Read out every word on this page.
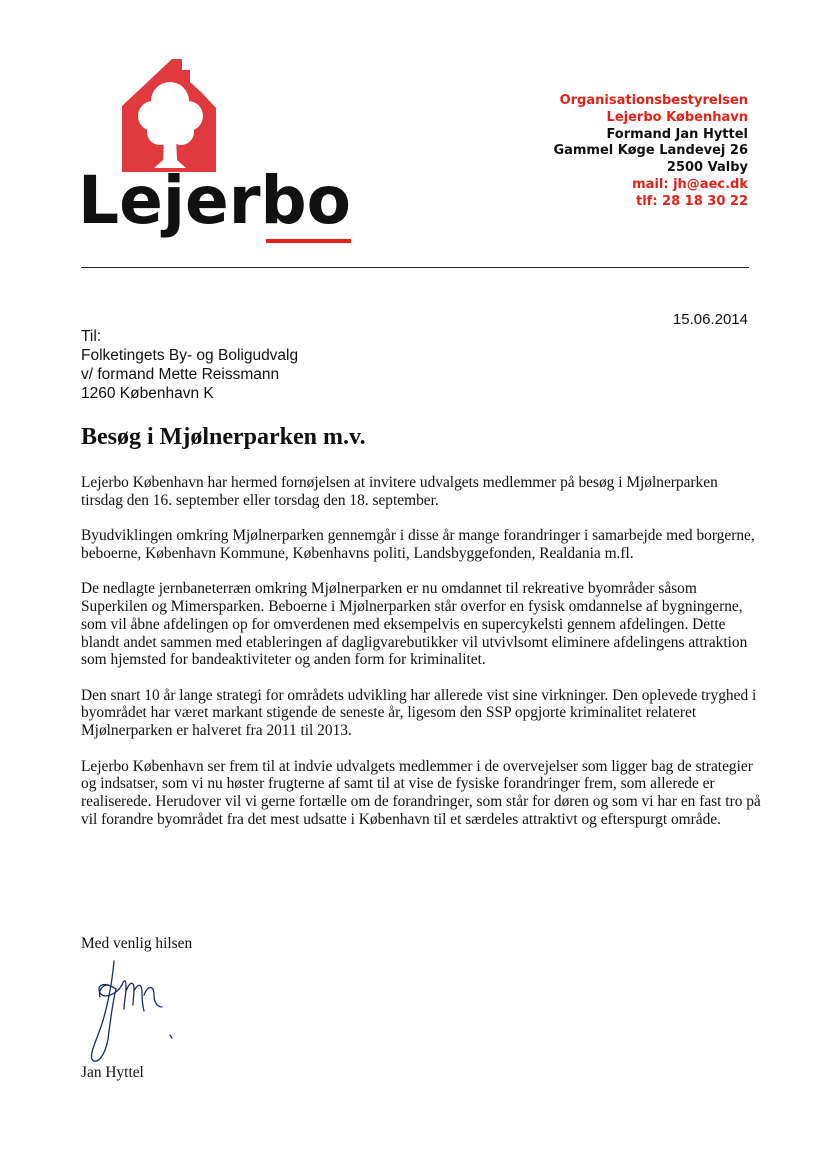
Lejerbo
Organisationsbestyrelsen
Lejerbo København
Formand Jan Hyttel
Gammel Køge Landevej 26
2500 Valby
mail: jh@aec.dk
tlf: 28 18 30 22
15.06.2014
Til:
Folketingets By- og Boligudvalg
v/ formand Mette Reissmann
1260 København K
Besøg i Mjølnerparken m.v.

Lejerbo København har hermed fornøjelsen at invitere udvalgets medlemmer på besøg i Mjølnerparken tirsdag den 16. september eller torsdag den 18. september.

Byudviklingen omkring Mjølnerparken gennemgår i disse år mange forandringer i samarbejde med borgerne, beboerne, København Kommune, Københavns politi, Landsbyggefonden, Realdania m.fl.

De nedlagte jernbaneterræn omkring Mjølnerparken er nu omdannet til rekreative byområder såsom Superkilen og Mimersparken. Beboerne i Mjølnerparken står overfor en fysisk omdannelse af bygningerne, som vil åbne afdelingen op for omverdenen med eksempelvis en supercykelsti gennem afdelingen. Dette blandt andet sammen med etableringen af dagligvarebutikker vil utvivlsomt eliminere afdelingens attraktion som hjemsted for bandeaktiviteter og anden form for kriminalitet.

Den snart 10 år lange strategi for områdets udvikling har allerede vist sine virkninger. Den oplevede tryghed i byområdet har været markant stigende de seneste år, ligesom den SSP opgjorte kriminalitet relateret Mjølnerparken er halveret fra 2011 til 2013.

Lejerbo København ser frem til at indvie udvalgets medlemmer i de overvejelser som ligger bag de strategier og indsatser, som vi nu høster frugterne af samt til at vise de fysiske forandringer frem, som allerede er realiserede. Herudover vil vi gerne fortælle om de forandringer, som står for døren og som vi har en fast tro på vil forandre byområdet fra det mest udsatte i København til et særdeles attraktivt og efterspurgt område.

Med venlig hilsen
Jan Hyttel
